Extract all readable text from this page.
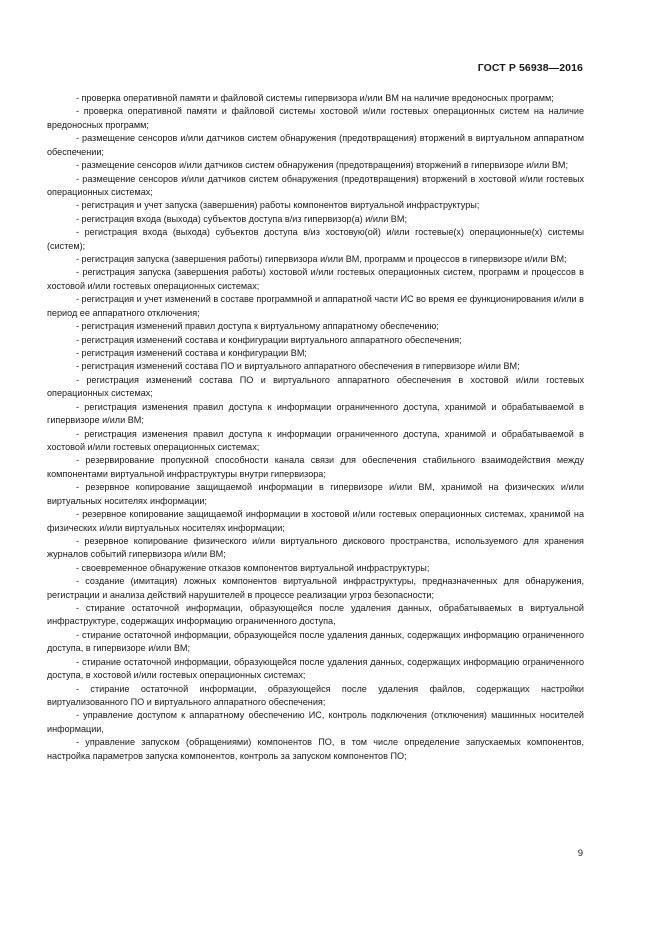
ГОСТ Р 56938—2016

- проверка оперативной памяти и файловой системы гипервизора и/или ВМ на наличие вредоносных программ;

- проверка оперативной памяти и файловой системы хостовой и/или гостевых операционных систем на наличие вредоносных программ;

- размещение сенсоров и/или датчиков систем обнаружения (предотвращения) вторжений в виртуальном аппаратном обеспечении;

- размещение сенсоров и/или датчиков систем обнаружения (предотвращения) вторжений в гипервизоре и/или ВМ;

- размещение сенсоров и/или датчиков систем обнаружения (предотвращения) вторжений в хостовой и/или гостевых операционных системах;

- регистрация и учет запуска (завершения) работы компонентов виртуальной инфраструктуры;

- регистрация входа (выхода) субъектов доступа в/из гипервизор(а) и/или ВМ;

- регистрация входа (выхода) субъектов доступа в/из хостовую(ой) и/или гостевые(х) операционные(х) системы (систем);

- регистрация запуска (завершения работы) гипервизора и/или ВМ, программ и процессов в гипервизоре и/или ВМ;

- регистрация запуска (завершения работы) хостовой и/или гостевых операционных систем, программ и процессов в хостовой и/или гостевых операционных системах;

- регистрация и учет изменений в составе программной и аппаратной части ИС во время ее функционирования и/или в период ее аппаратного отключения;

- регистрация изменений правил доступа к виртуальному аппаратному обеспечению;

- регистрация изменений состава и конфигурации виртуального аппаратного обеспечения;

- регистрация изменений состава и конфигурации ВМ;

- регистрация изменений состава ПО и виртуального аппаратного обеспечения в гипервизоре и/или ВМ;

- регистрация изменений состава ПО и виртуального аппаратного обеспечения в хостовой и/или гостевых операционных системах;

- регистрация изменения правил доступа к информации ограниченного доступа, хранимой и обрабатываемой в гипервизоре и/или ВМ;

- регистрация изменения правил доступа к информации ограниченного доступа, хранимой и обрабатываемой в хостовой и/или гостевых операционных системах;

- резервирование пропускной способности канала связи для обеспечения стабильного взаимодействия между компонентами виртуальной инфраструктуры внутри гипервизора;

- резервное копирование защищаемой информации в гипервизоре и/или ВМ, хранимой на физических и/или виртуальных носителях информации;

- резервное копирование защищаемой информации в хостовой и/или гостевых операционных системах, хранимой на физических и/или виртуальных носителях информации;

- резервное копирование физического и/или виртуального дискового пространства, используемого для хранения журналов событий гипервизора и/или ВМ;

- своевременное обнаружение отказов компонентов виртуальной инфраструктуры;

- создание (имитация) ложных компонентов виртуальной инфраструктуры, предназначенных для обнаружения, регистрации и анализа действий нарушителей в процессе реализации угроз безопасности;

- стирание остаточной информации, образующейся после удаления данных, обрабатываемых в виртуальной инфраструктуре, содержащих информацию ограниченного доступа,

- стирание остаточной информации, образующейся после удаления данных, содержащих информацию ограниченного доступа, в гипервизоре и/или ВМ;

- стирание остаточной информации, образующейся после удаления данных, содержащих информацию ограниченного доступа, в хостовой и/или гостевых операционных системах;

- стирание остаточной информации, образующейся после удаления файлов, содержащих настройки виртуализованного ПО и виртуального аппаратного обеспечения;

- управление доступом к аппаратному обеспечению ИС, контроль подключения (отключения) машинных носителей информации,

- управление запуском (обращениями) компонентов ПО, в том числе определение запускаемых компонентов, настройка параметров запуска компонентов, контроль за запуском компонентов ПО;

9
